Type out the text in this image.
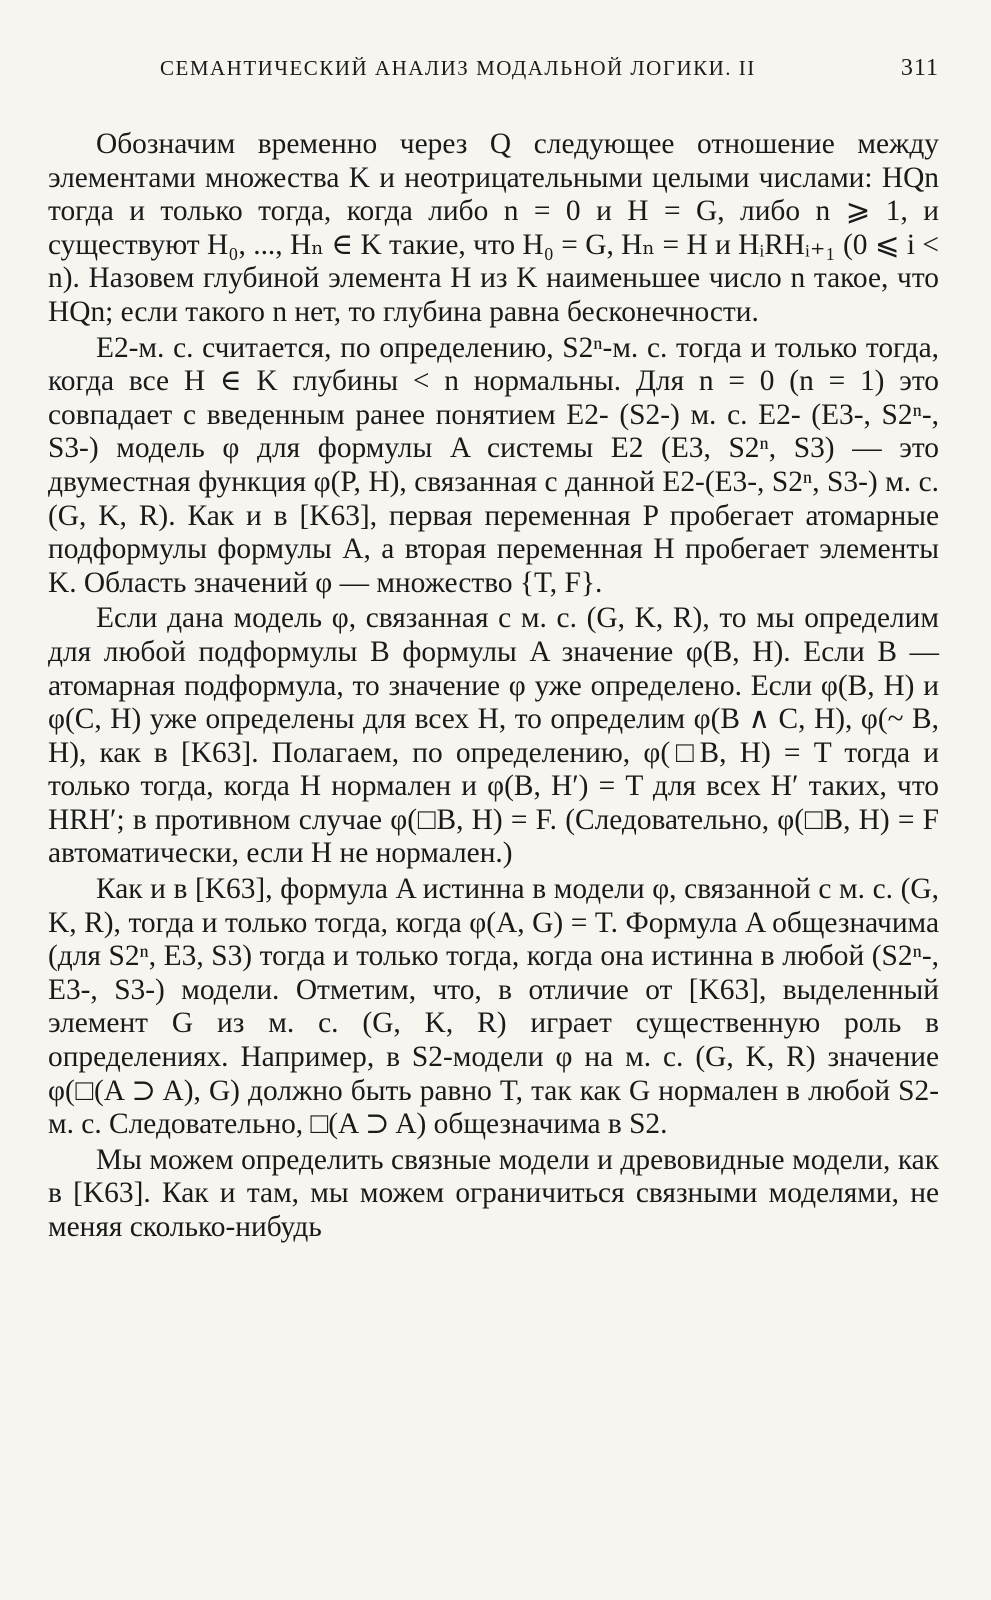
СЕМАНТИЧЕСКИЙ АНАЛИЗ МОДАЛЬНОЙ ЛОГИКИ. II	311

Обозначим временно через Q следующее отношение между элементами множества K и неотрицательными целыми числами: HQn тогда и только тогда, когда либо n = 0 и H = G, либо n ⩾ 1, и существуют H₀, ..., Hₙ ∈ K такие, что H₀ = G, Hₙ = H и HᵢRHᵢ₊₁ (0 ⩽ i < n). Назовем глубиной элемента H из K наименьшее число n такое, что HQn; если такого n нет, то глубина равна бесконечности.

E2-м. с. считается, по определению, S2ⁿ-м. с. тогда и только тогда, когда все H ∈ K глубины < n нормальны. Для n = 0 (n = 1) это совпадает с введенным ранее понятием E2- (S2-) м. с. E2- (E3-, S2ⁿ-, S3-) модель φ для формулы A системы E2 (E3, S2ⁿ, S3) — это двуместная функция φ(P, H), связанная с данной E2-(E3-, S2ⁿ, S3-) м. с. (G, K, R). Как и в [K63], первая переменная P пробегает атомарные подформулы формулы A, а вторая переменная H пробегает элементы K. Область значений φ — множество {T, F}.

Если дана модель φ, связанная с м. с. (G, K, R), то мы определим для любой подформулы B формулы A значение φ(B, H). Если B — атомарная подформула, то значение φ уже определено. Если φ(B, H) и φ(C, H) уже определены для всех H, то определим φ(B ∧ C, H), φ(~ B, H), как в [K63]. Полагаем, по определению, φ(□B, H) = T тогда и только тогда, когда H нормален и φ(B, H′) = T для всех H′ таких, что HRH′; в противном случае φ(□B, H) = F. (Следовательно, φ(□B, H) = F автоматически, если H не нормален.)

Как и в [K63], формула A истинна в модели φ, связанной с м. с. (G, K, R), тогда и только тогда, когда φ(A, G) = T. Формула A общезначима (для S2ⁿ, E3, S3) тогда и только тогда, когда она истинна в любой (S2ⁿ-, E3-, S3-) модели. Отметим, что, в отличие от [K63], выделенный элемент G из м. с. (G, K, R) играет существенную роль в определениях. Например, в S2-модели φ на м. с. (G, K, R) значение φ(□(A ⊃ A), G) должно быть равно T, так как G нормален в любой S2-м. с. Следовательно, □(A ⊃ A) общезначима в S2.

Мы можем определить связные модели и древовидные модели, как в [K63]. Как и там, мы можем ограничиться связными моделями, не меняя сколько-нибудь
